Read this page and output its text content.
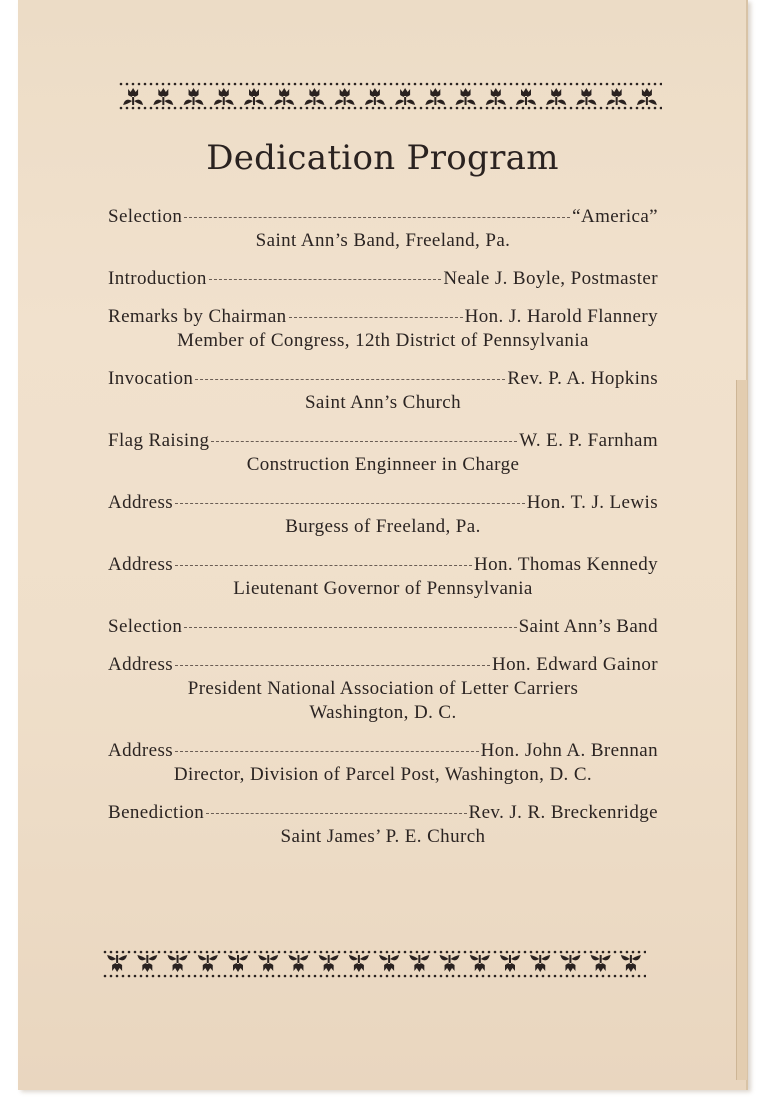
Dedication Program
Selection	“America”
Saint Ann’s Band, Freeland, Pa.
Introduction	Neale J. Boyle, Postmaster
Remarks by Chairman	Hon. J. Harold Flannery
Member of Congress, 12th District of Pennsylvania
Invocation	Rev. P. A. Hopkins
Saint Ann’s Church
Flag Raising	W. E. P. Farnham
Construction Enginneer in Charge
Address	Hon. T. J. Lewis
Burgess of Freeland, Pa.
Address	Hon. Thomas Kennedy
Lieutenant Governor of Pennsylvania
Selection	Saint Ann’s Band
Address	Hon. Edward Gainor
President National Association of Letter Carriers
Washington, D. C.
Address	Hon. John A. Brennan
Director, Division of Parcel Post, Washington, D. C.
Benediction	Rev. J. R. Breckenridge
Saint James’ P. E. Church
